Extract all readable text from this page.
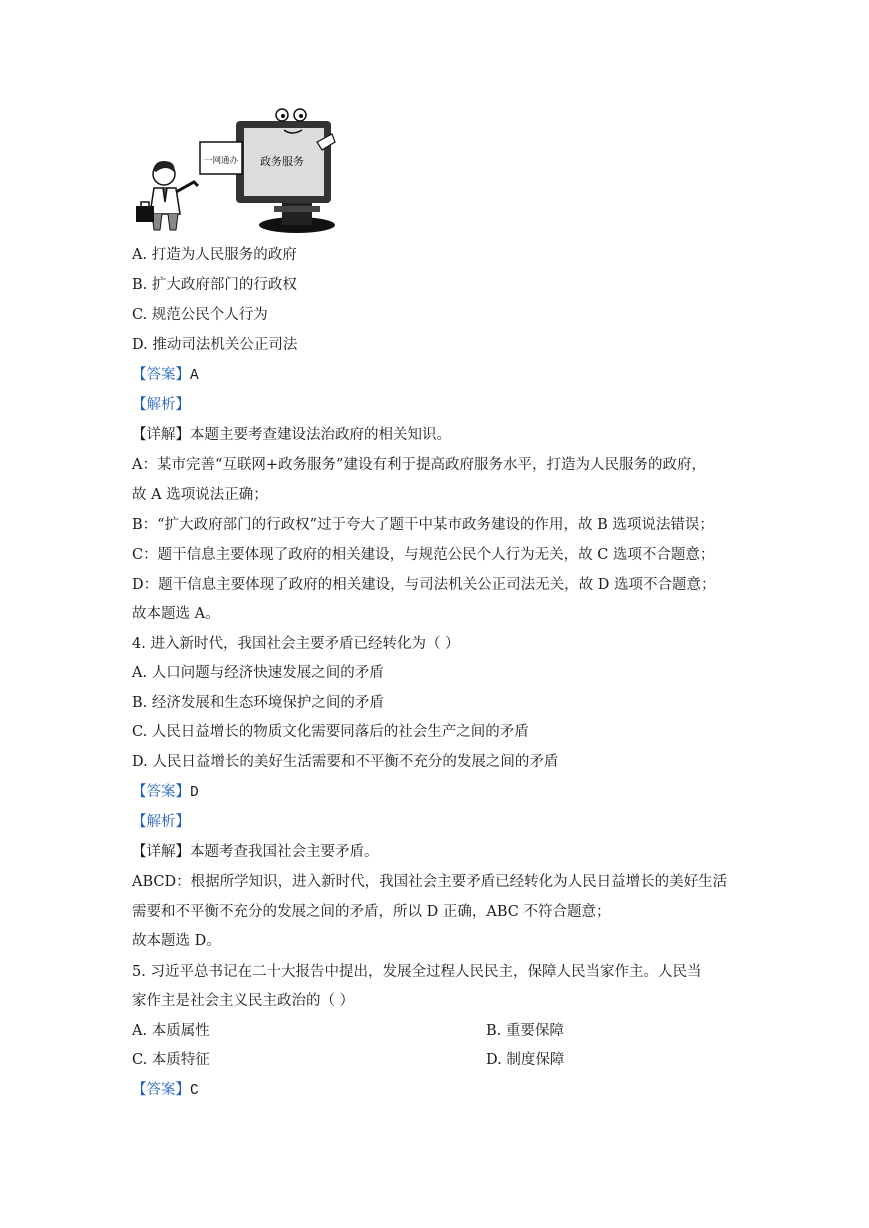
政务服务
一网通办
A. 打造为人民服务的政府
B. 扩大政府部门的行政权
C. 规范公民个人行为
D. 推动司法机关公正司法
【答案】A
【解析】
【详解】本题主要考查建设法治政府的相关知识。
A：某市完善“互联网+政务服务”建设有利于提高政府服务水平，打造为人民服务的政府，
故 A 选项说法正确；
B：“扩大政府部门的行政权”过于夸大了题干中某市政务建设的作用，故 B 选项说法错误；
C：题干信息主要体现了政府的相关建设，与规范公民个人行为无关，故 C 选项不合题意；
D：题干信息主要体现了政府的相关建设，与司法机关公正司法无关，故 D 选项不合题意；
故本题选 A。
4. 进入新时代，我国社会主要矛盾已经转化为（ ）
A. 人口问题与经济快速发展之间的矛盾
B. 经济发展和生态环境保护之间的矛盾
C. 人民日益增长的物质文化需要同落后的社会生产之间的矛盾
D. 人民日益增长的美好生活需要和不平衡不充分的发展之间的矛盾
【答案】D
【解析】
【详解】本题考查我国社会主要矛盾。
ABCD：根据所学知识，进入新时代，我国社会主要矛盾已经转化为人民日益增长的美好生活
需要和不平衡不充分的发展之间的矛盾，所以 D 正确，ABC 不符合题意；
故本题选 D。
5. 习近平总书记在二十大报告中提出，发展全过程人民民主，保障人民当家作主。人民当
家作主是社会主义民主政治的（ ）
A. 本质属性	B. 重要保障
C. 本质特征	D. 制度保障
【答案】C
